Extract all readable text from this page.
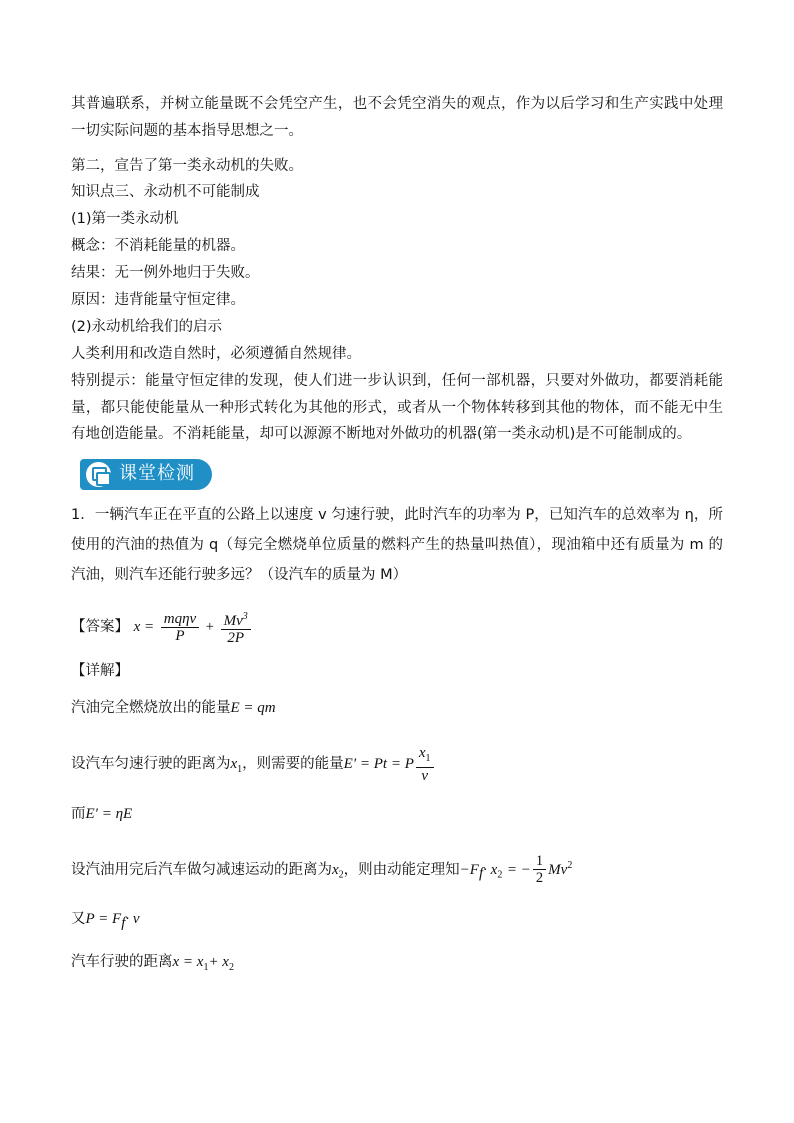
其普遍联系，并树立能量既不会凭空产生，也不会凭空消失的观点，作为以后学习和生产实践中处理一切实际问题的基本指导思想之一。
第二，宣告了第一类永动机的失败。
知识点三、永动机不可能制成
(1)第一类永动机
概念：不消耗能量的机器。
结果：无一例外地归于失败。
原因：违背能量守恒定律。
(2)永动机给我们的启示
人类利用和改造自然时，必须遵循自然规律。
特别提示：能量守恒定律的发现，使人们进一步认识到，任何一部机器，只要对外做功，都要消耗能量，都只能使能量从一种形式转化为其他的形式，或者从一个物体转移到其他的物体，而不能无中生有地创造能量。不消耗能量，却可以源源不断地对外做功的机器(第一类永动机)是不可能制成的。
课堂检测
1．一辆汽车正在平直的公路上以速度 v 匀速行驶，此时汽车的功率为 P，已知汽车的总效率为 η，所使用的汽油的热值为 q（每完全燃烧单位质量的燃料产生的热量叫热值），现油箱中还有质量为 m 的汽油，则汽车还能行驶多远？（设汽车的质量为 M）
【答案】 $x = \frac{\text{mqηv}}{P} + \frac{Mv^3}{2P}$
【详解】
汽油完全燃烧放出的能量E = qm
设汽车匀速行驶的距离为$x_1$，则需要的能量E′ = Pt = P $\frac{x_1}{v}$
而E′ = ηE
设汽油用完后汽车做匀减速运动的距离为$x_2$，则由动能定理知$-F_f\cdot x_2$ = − $\frac{1}{2} Mv^2$
又$P = F_f\cdot v$
汽车行驶的距离$x = x_1+ x_2$
